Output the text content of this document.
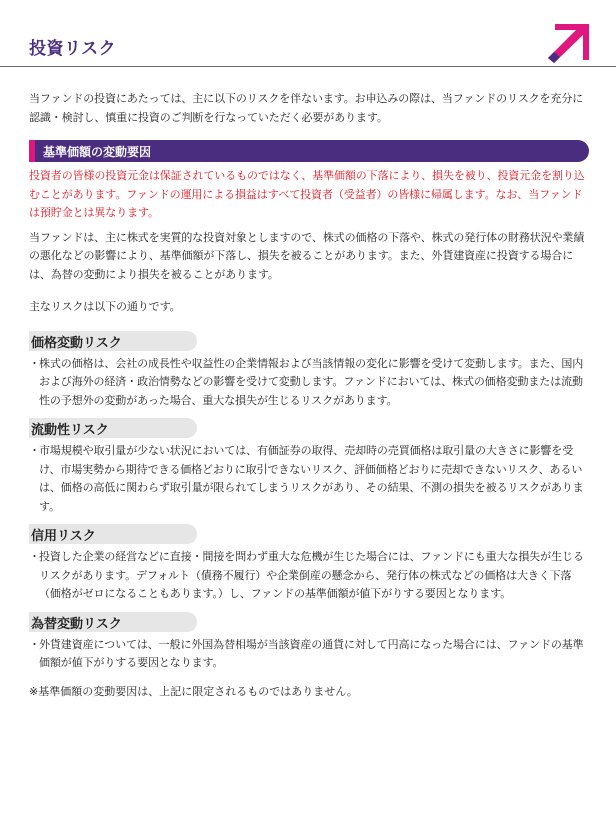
投資リスク

当ファンドの投資にあたっては、主に以下のリスクを伴ないます。お申込みの際は、当ファンドのリスクを充分に認識・検討し、慎重に投資のご判断を行なっていただく必要があります。

基準価額の変動要因

投資者の皆様の投資元金は保証されているものではなく、基準価額の下落により、損失を被り、投資元金を割り込むことがあります。ファンドの運用による損益はすべて投資者（受益者）の皆様に帰属します。なお、当ファンドは預貯金とは異なります。

当ファンドは、主に株式を実質的な投資対象としますので、株式の価格の下落や、株式の発行体の財務状況や業績の悪化などの影響により、基準価額が下落し、損失を被ることがあります。また、外貨建資産に投資する場合には、為替の変動により損失を被ることがあります。

主なリスクは以下の通りです。

価格変動リスク

・ 株式の価格は、会社の成長性や収益性の企業情報および当該情報の変化に影響を受けて変動します。また、国内および海外の経済・政治情勢などの影響を受けて変動します。ファンドにおいては、株式の価格変動または流動性の予想外の変動があった場合、重大な損失が生じるリスクがあります。

流動性リスク

・ 市場規模や取引量が少ない状況においては、有価証券の取得、売却時の売買価格は取引量の大きさに影響を受け、市場実勢から期待できる価格どおりに取引できないリスク、評価価格どおりに売却できないリスク、あるいは、価格の高低に関わらず取引量が限られてしまうリスクがあり、その結果、不測の損失を被るリスクがあります。

信用リスク

・ 投資した企業の経営などに直接・間接を問わず重大な危機が生じた場合には、ファンドにも重大な損失が生じるリスクがあります。デフォルト（債務不履行）や企業倒産の懸念から、発行体の株式などの価格は大きく下落（価格がゼロになることもあります。）し、ファンドの基準価額が値下がりする要因となります。

為替変動リスク

・ 外貨建資産については、一般に外国為替相場が当該資産の通貨に対して円高になった場合には、ファンドの基準価額が値下がりする要因となります。

※基準価額の変動要因は、上記に限定されるものではありません。
